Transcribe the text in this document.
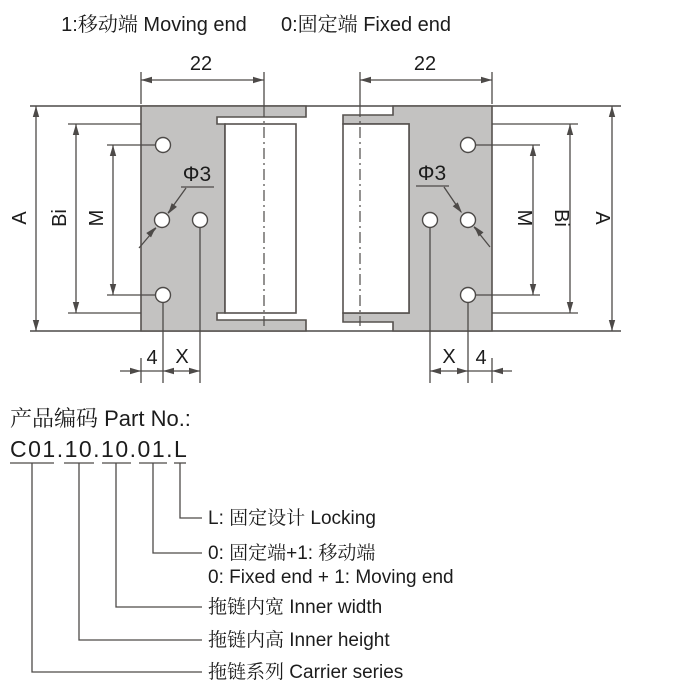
1:移动端 Moving end 0:固定端 Fixed end
22
A Bi M
Φ3
4 X
22
A
Bi
M
Φ3
X 4
产品编码 Part No.:
C01.10.10.01.L
L: 固定设计 Locking
0: 固定端+1: 移动端
0: Fixed end + 1: Moving end
拖链内宽 Inner width
拖链内高 Inner height
拖链系列 Carrier series
